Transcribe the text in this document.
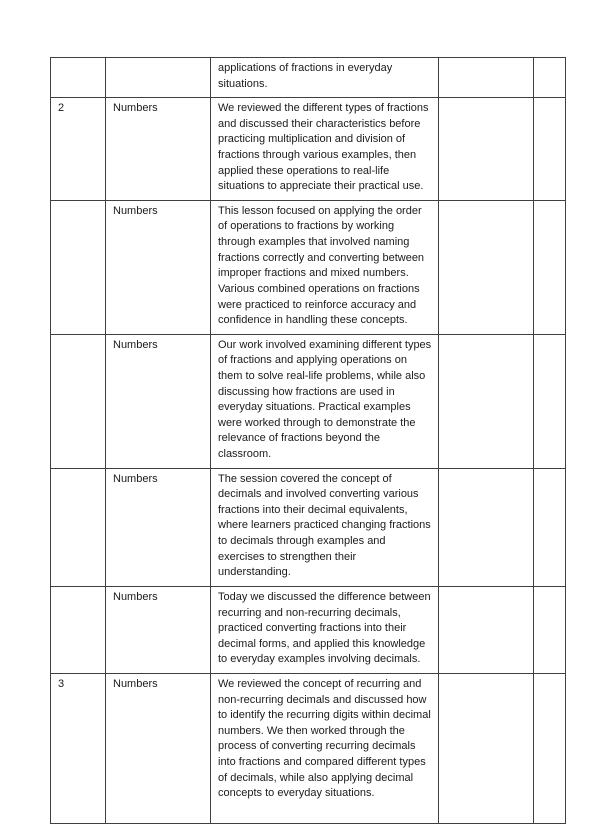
		applications of fractions in everyday situations.		
2	Numbers	We reviewed the different types of fractions and discussed their characteristics before practicing multiplication and division of fractions through various examples, then applied these operations to real-life situations to appreciate their practical use.		
	Numbers	This lesson focused on applying the order of operations to fractions by working through examples that involved naming fractions correctly and converting between improper fractions and mixed numbers. Various combined operations on fractions were practiced to reinforce accuracy and confidence in handling these concepts.		
	Numbers	Our work involved examining different types of fractions and applying operations on them to solve real-life problems, while also discussing how fractions are used in everyday situations. Practical examples were worked through to demonstrate the relevance of fractions beyond the classroom.		
	Numbers	The session covered the concept of decimals and involved converting various fractions into their decimal equivalents, where learners practiced changing fractions to decimals through examples and exercises to strengthen their understanding.		
	Numbers	Today we discussed the difference between recurring and non-recurring decimals, practiced converting fractions into their decimal forms, and applied this knowledge to everyday examples involving decimals.		
3	Numbers	We reviewed the concept of recurring and non-recurring decimals and discussed how to identify the recurring digits within decimal numbers. We then worked through the process of converting recurring decimals into fractions and compared different types of decimals, while also applying decimal concepts to everyday situations.		
